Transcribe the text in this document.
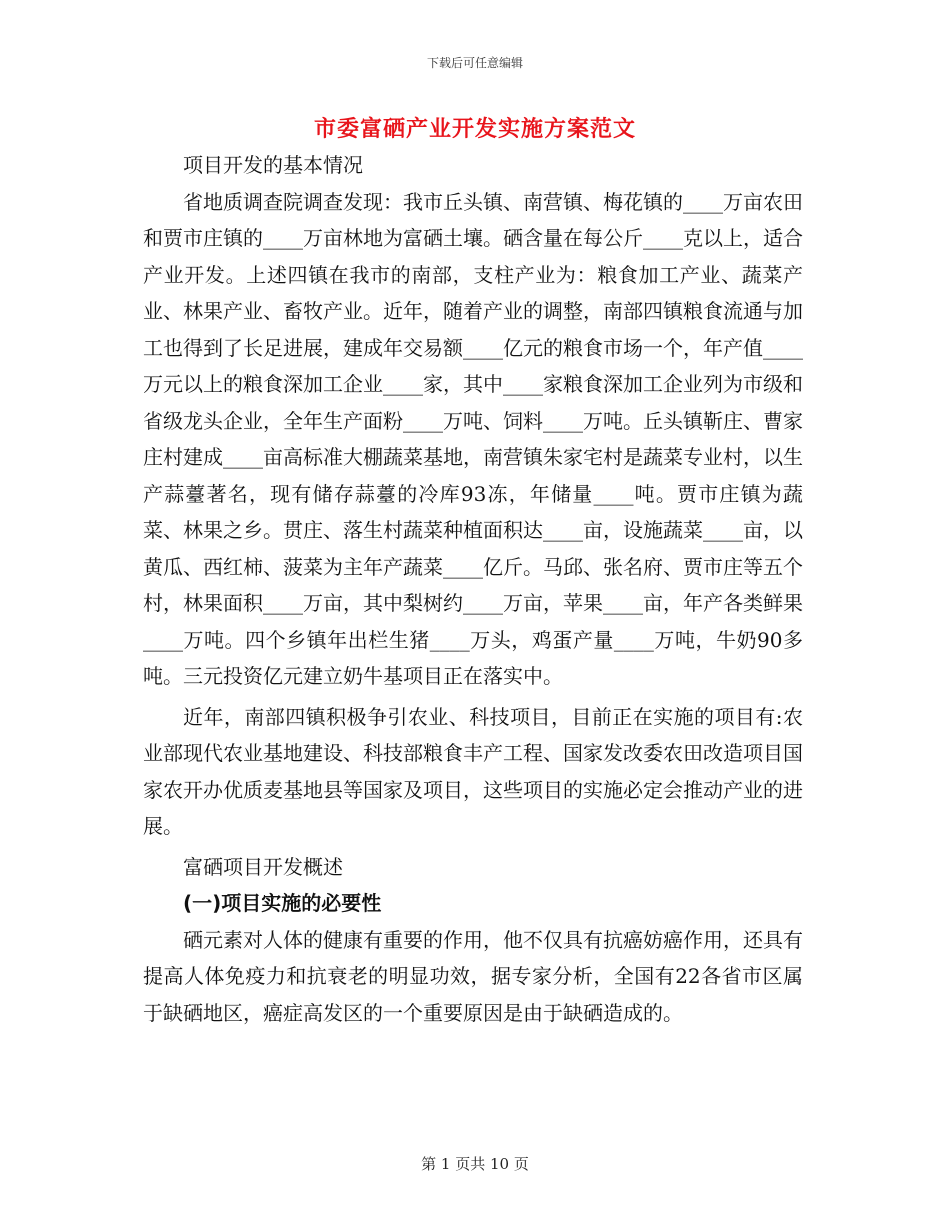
下载后可任意编辑
市委富硒产业开发实施方案范文

项目开发的基本情况

省地质调查院调查发现：我市丘头镇、南营镇、梅花镇的____万亩农田和贾市庄镇的____万亩林地为富硒土壤。硒含量在每公斤____克以上，适合产业开发。上述四镇在我市的南部，支柱产业为：粮食加工产业、蔬菜产业、林果产业、畜牧产业。近年，随着产业的调整，南部四镇粮食流通与加工也得到了长足进展，建成年交易额____亿元的粮食市场一个，年产值____万元以上的粮食深加工企业____家，其中____家粮食深加工企业列为市级和省级龙头企业，全年生产面粉____万吨、饲料____万吨。丘头镇靳庄、曹家庄村建成____亩高标准大棚蔬菜基地，南营镇朱家宅村是蔬菜专业村，以生产蒜薹著名，现有储存蒜薹的冷库93冻，年储量____吨。贾市庄镇为蔬菜、林果之乡。贯庄、落生村蔬菜种植面积达____亩，设施蔬菜____亩，以黄瓜、西红柿、菠菜为主年产蔬菜____亿斤。马邱、张名府、贾市庄等五个村，林果面积____万亩，其中梨树约____万亩，苹果____亩，年产各类鲜果____万吨。四个乡镇年出栏生猪____万头，鸡蛋产量____万吨，牛奶90多吨。三元投资亿元建立奶牛基项目正在落实中。

近年，南部四镇积极争引农业、科技项目，目前正在实施的项目有:农业部现代农业基地建设、科技部粮食丰产工程、国家发改委农田改造项目国家农开办优质麦基地县等国家及项目，这些项目的实施必定会推动产业的进展。

富硒项目开发概述

(一)项目实施的必要性

硒元素对人体的健康有重要的作用，他不仅具有抗癌妨癌作用，还具有提高人体免疫力和抗衰老的明显功效，据专家分析，全国有22各省市区属于缺硒地区，癌症高发区的一个重要原因是由于缺硒造成的。

第 1 页共 10 页
